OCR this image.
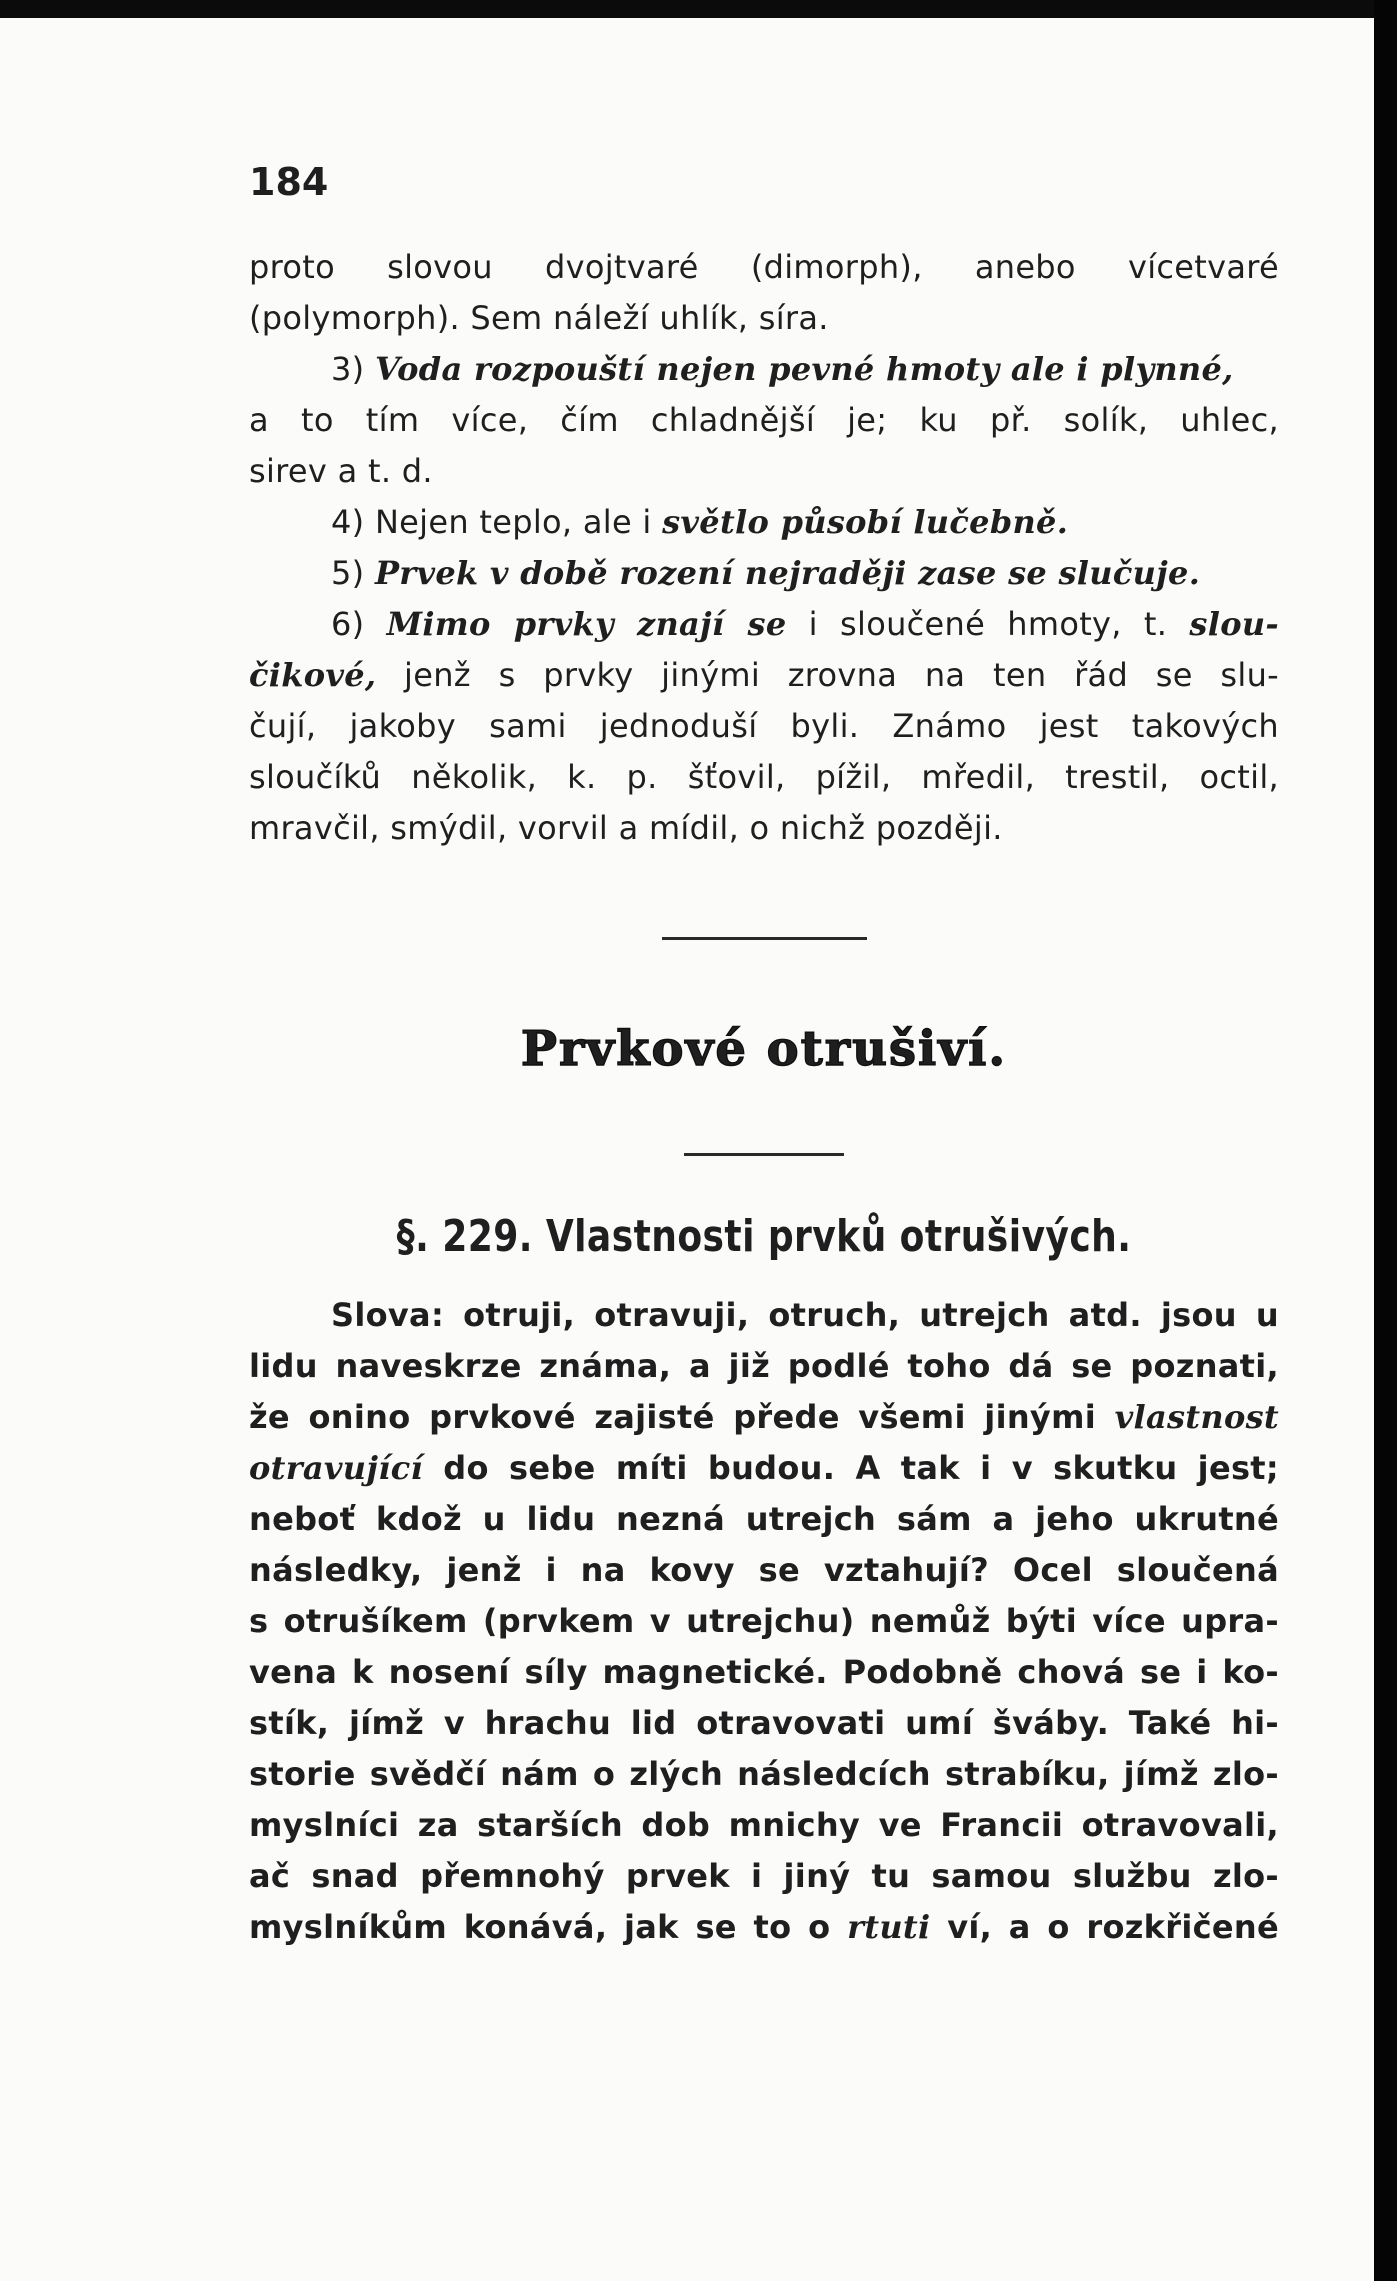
184
proto slovou dvojtvaré (dimorph), anebo vícetvaré
(polymorph). Sem náleží uhlík, síra.
3) Voda rozpouští nejen pevné hmoty ale i plynné,
a to tím více, čím chladnější je; ku př. solík, uhlec,
sirev a t. d.
4) Nejen teplo, ale i světlo působí lučebně.
5) Prvek v době rození nejraději zase se slučuje.
6) Mimo prvky znají se i sloučené hmoty, t. slou-
čikové, jenž s prvky jinými zrovna na ten řád se slu-
čují, jakoby sami jednoduší byli. Známo jest takových
sloučíků několik, k. p. šťovil, pížil, mředil, trestil, octil,
mravčil, smýdil, vorvil a mídil, o nichž později.
Prvkové otrušiví.
§. 229. Vlastnosti prvků otrušivých.
Slova: otruji, otravuji, otruch, utrejch atd. jsou u
lidu naveskrze známa, a již podlé toho dá se poznati,
že onino prvkové zajisté přede všemi jinými vlastnost
otravující do sebe míti budou. A tak i v skutku jest;
neboť kdož u lidu nezná utrejch sám a jeho ukrutné
následky, jenž i na kovy se vztahují? Ocel sloučená
s otrušíkem (prvkem v utrejchu) nemůž býti více uprа-
vena k nosení síly magnetické. Podobně chová se i ko-
stík, jímž v hrachu lid otravovati umí šváby. Také hi-
storie svědčí nám o zlých následcích strabíku, jímž zlo-
myslníci za starších dob mnichy ve Francii otravovali,
ač snad přemnohý prvek i jiný tu samou službu zlo-
myslníkům konává, jak se to o rtuti ví, a o rozkřičené
